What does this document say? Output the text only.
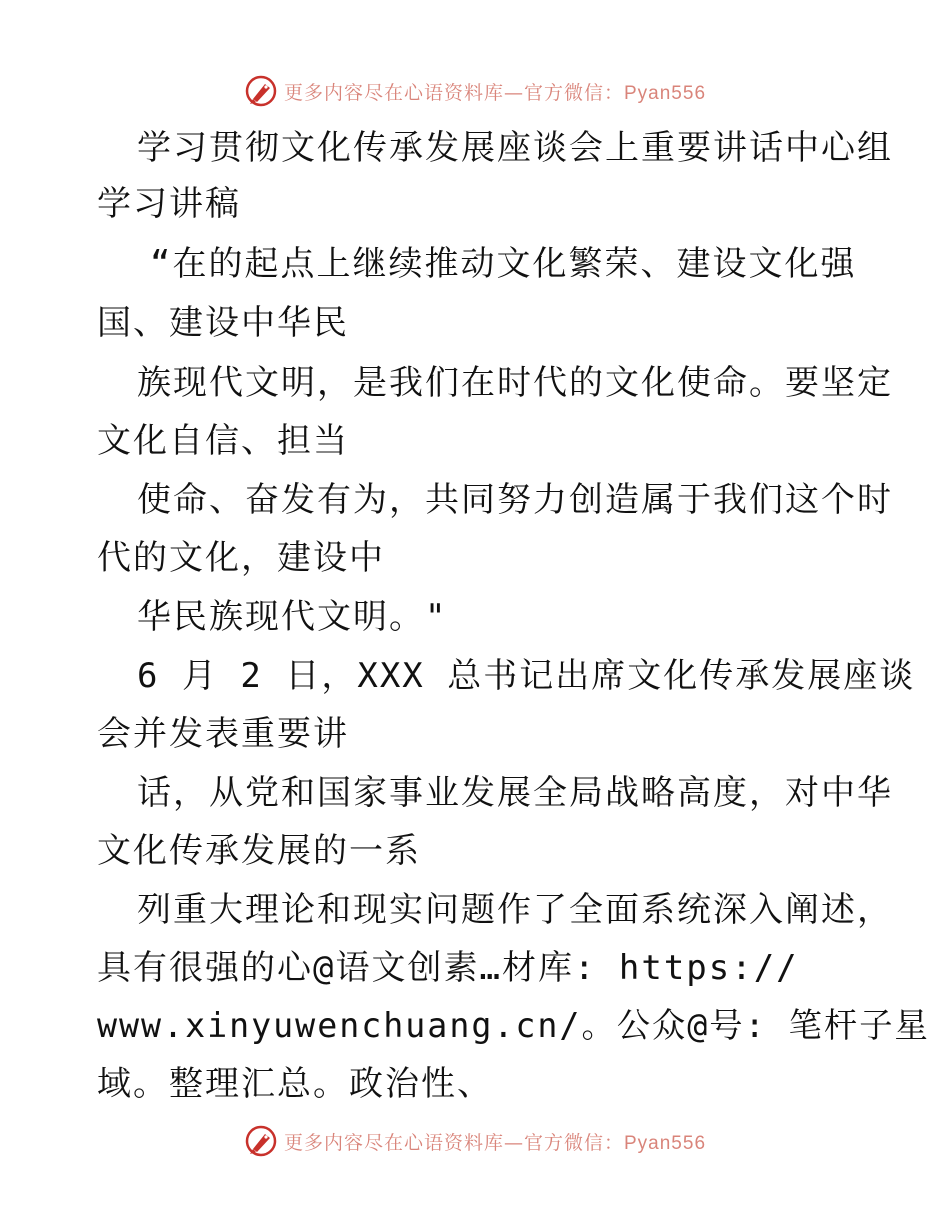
更多内容尽在心语资料库—官方微信：Pyan556
学习贯彻文化传承发展座谈会上重要讲话中心组
学习讲稿
“在的起点上继续推动文化繁荣、建设文化强
国、建设中华民
族现代文明，是我们在时代的文化使命。要坚定
文化自信、担当
使命、奋发有为，共同努力创造属于我们这个时
代的文化，建设中
华民族现代文明。"
6 月 2 日，XXX 总书记出席文化传承发展座谈
会并发表重要讲
话，从党和国家事业发展全局战略高度，对中华
文化传承发展的一系
列重大理论和现实问题作了全面系统深入阐述，
具有很强的心@语文创素…材库: https://
www.xinyuwenchuang.cn/。公众@号: 笔杆子星
域。整理汇总。政治性、
更多内容尽在心语资料库—官方微信：Pyan556
